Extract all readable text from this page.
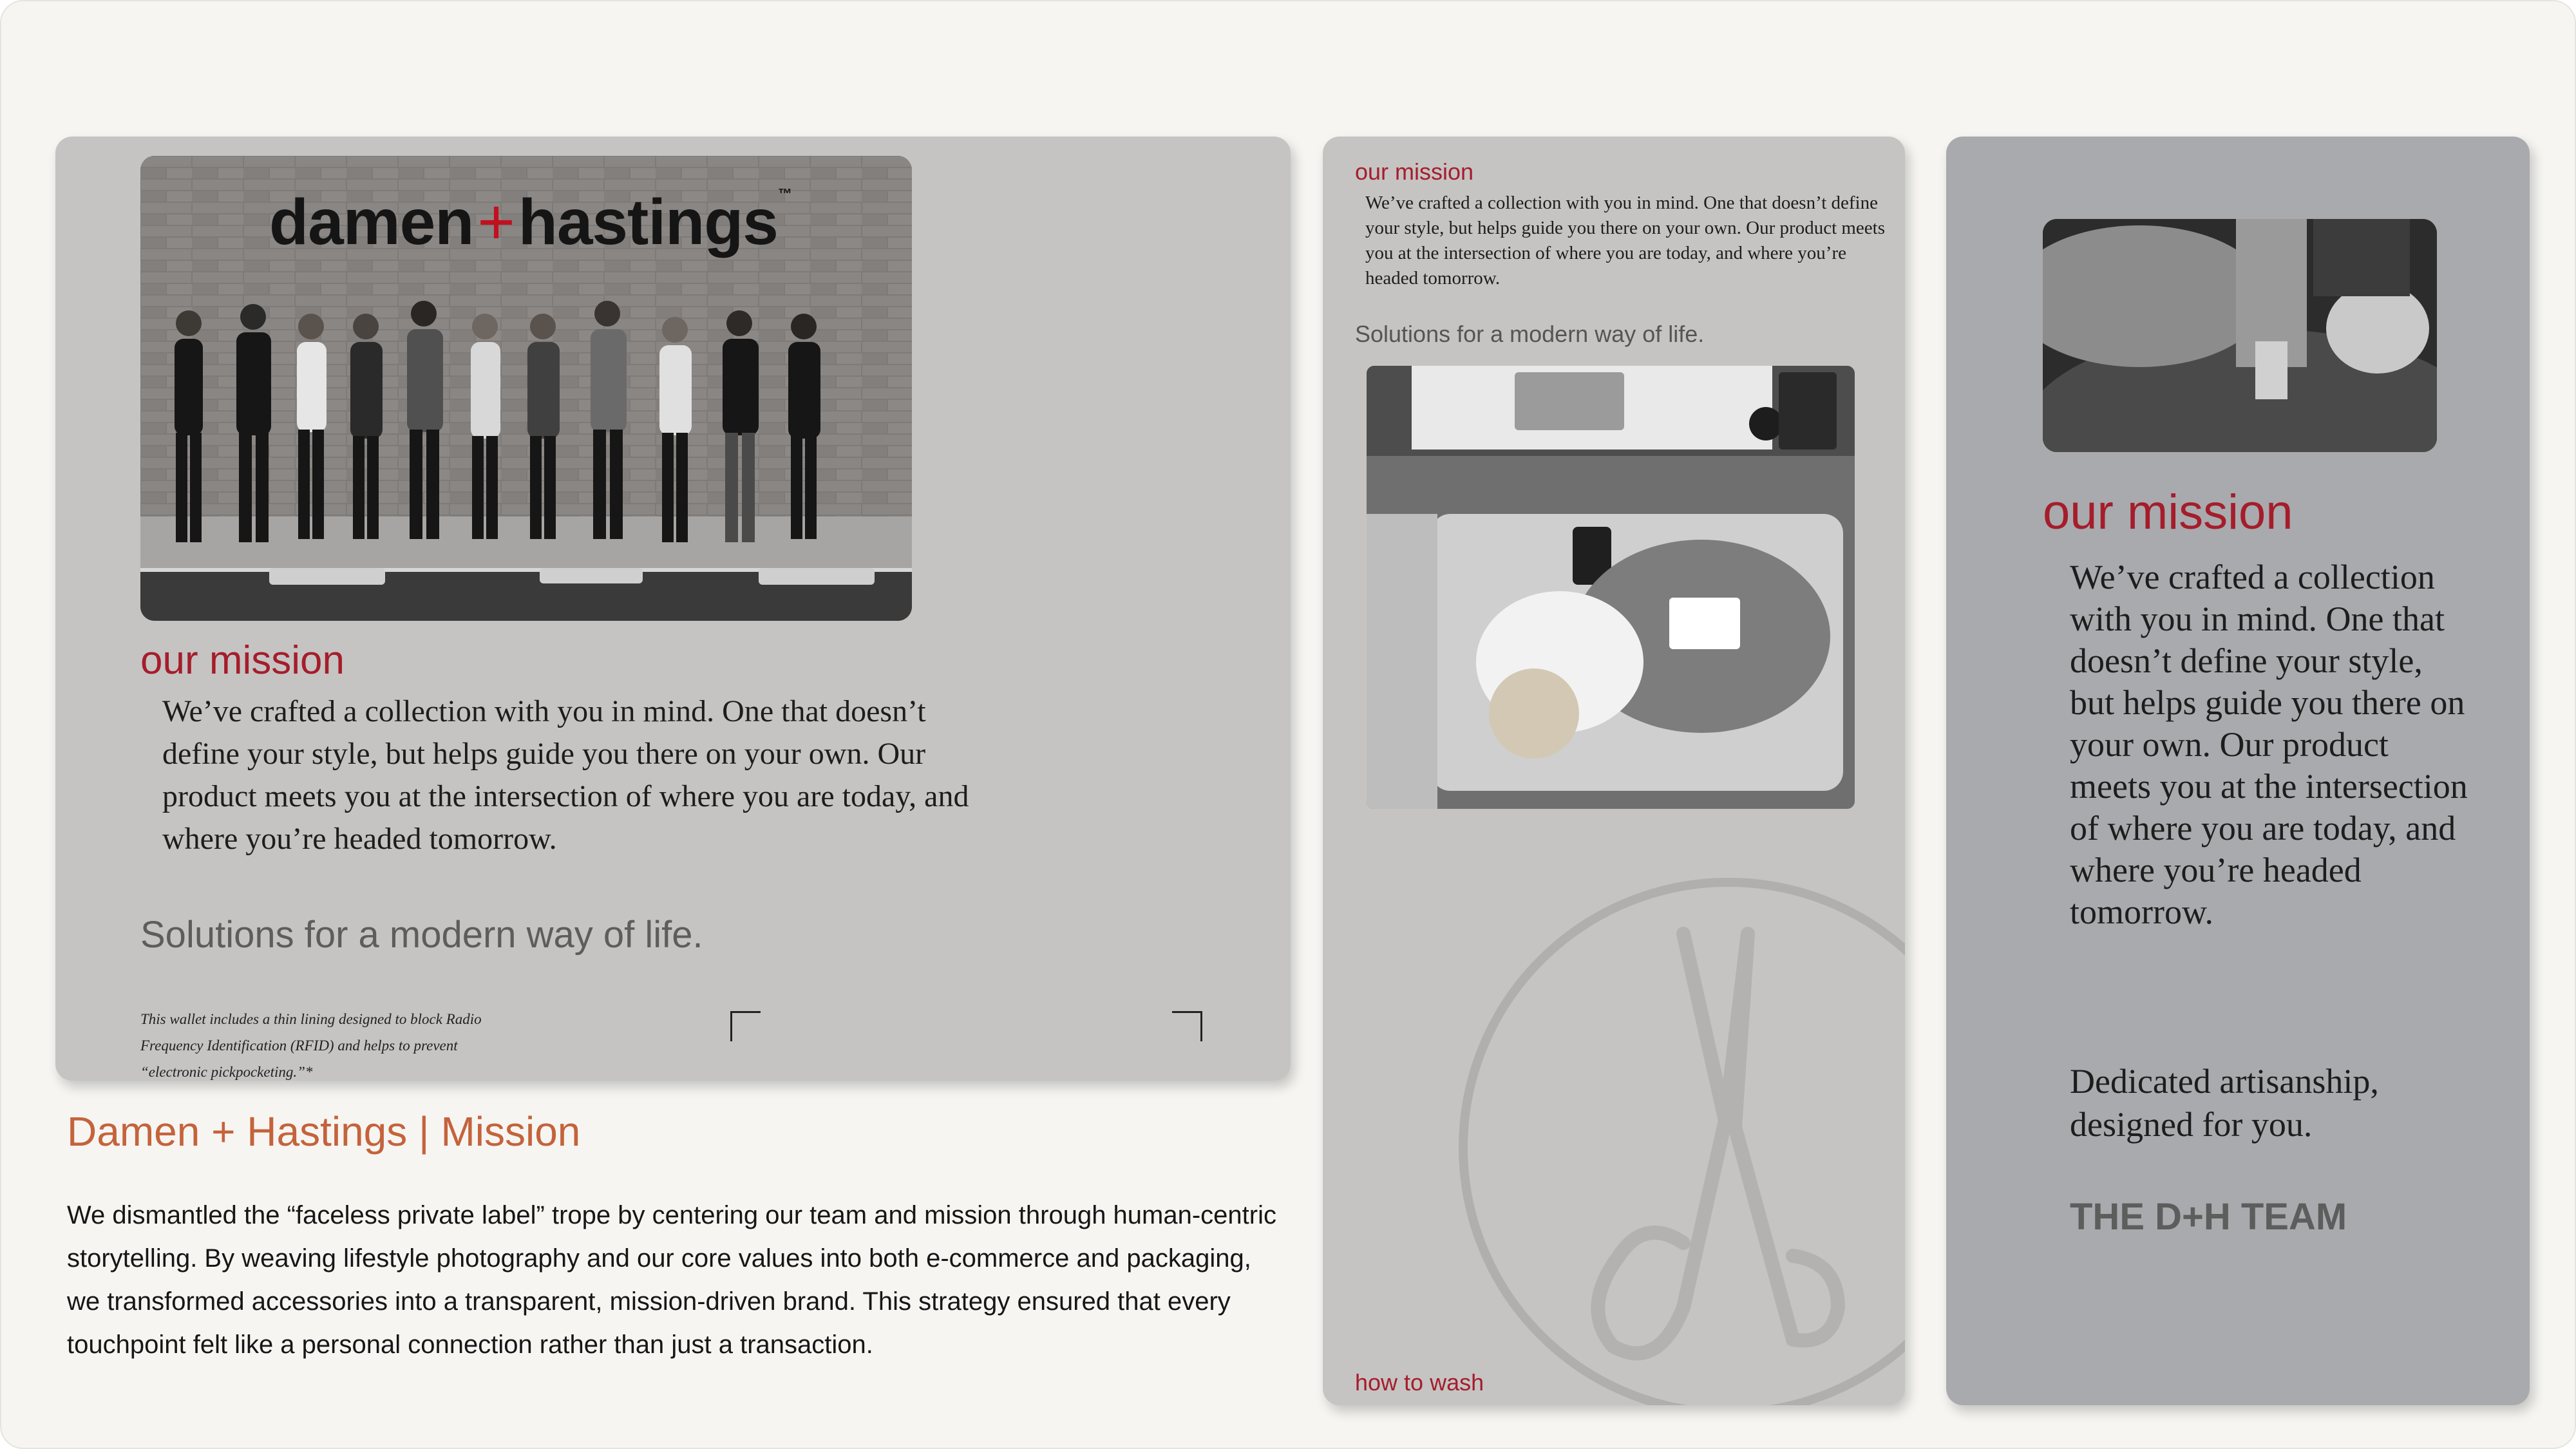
damen+hastings™
our mission
We’ve crafted a collection with you in mind. One that doesn’t define your style, but helps guide you there on your own. Our product meets you at the intersection of where you are today, and where you’re headed tomorrow.
Solutions for a modern way of life.
This wallet includes a thin lining designed to block Radio Frequency Identification (RFID) and helps to prevent “electronic pickpocketing.”*
Damen + Hastings | Mission
We dismantled the “faceless private label” trope by centering our team and mission through human-centric storytelling. By weaving lifestyle photography and our core values into both e-commerce and packaging, we transformed accessories into a transparent, mission-driven brand. This strategy ensured that every touchpoint felt like a personal connection rather than just a transaction.
our mission
We’ve crafted a collection with you in mind. One that doesn’t define your style, but helps guide you there on your own. Our product meets you at the intersection of where you are today, and where you’re headed tomorrow.
Solutions for a modern way of life.
how to wash
our mission
We’ve crafted a collection with you in mind. One that doesn’t define your style, but helps guide you there on your own. Our product meets you at the intersection of where you are today, and where you’re headed tomorrow.
Dedicated artisanship, designed for you.
THE D+H TEAM
